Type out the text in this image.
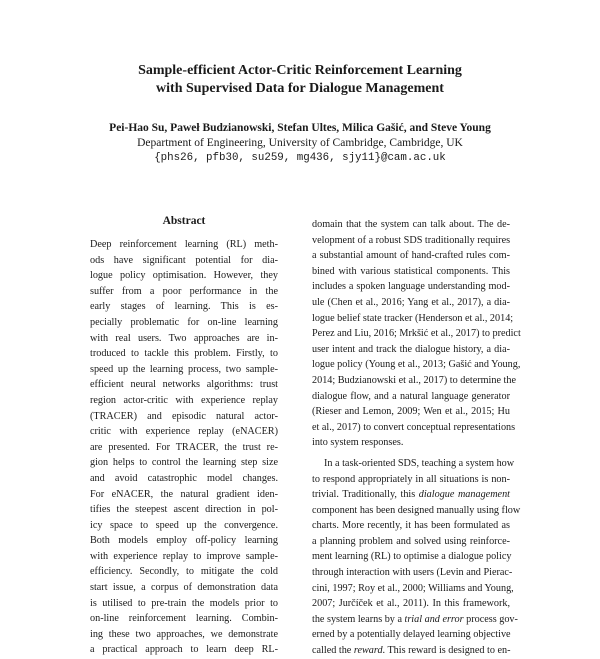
Sample-efficient Actor-Critic Reinforcement Learning
with Supervised Data for Dialogue Management
Pei-Hao Su, Paweł Budzianowski, Stefan Ultes, Milica Gašić, and Steve Young
Department of Engineering, University of Cambridge, Cambridge, UK
{phs26, pfb30, su259, mg436, sjy11}@cam.ac.uk
Abstract
Deep reinforcement learning (RL) meth-
ods have significant potential for dia-
logue policy optimisation. However, they
suffer from a poor performance in the
early stages of learning. This is es-
pecially problematic for on-line learning
with real users. Two approaches are in-
troduced to tackle this problem. Firstly, to
speed up the learning process, two sample-
efficient neural networks algorithms: trust
region actor-critic with experience replay
(TRACER) and episodic natural actor-
critic with experience replay (eNACER)
are presented. For TRACER, the trust re-
gion helps to control the learning step size
and avoid catastrophic model changes.
For eNACER, the natural gradient iden-
tifies the steepest ascent direction in pol-
icy space to speed up the convergence.
Both models employ off-policy learning
with experience replay to improve sample-
efficiency. Secondly, to mitigate the cold
start issue, a corpus of demonstration data
is utilised to pre-train the models prior to
on-line reinforcement learning. Combin-
ing these two approaches, we demonstrate
a practical approach to learn deep RL-
domain that the system can talk about. The de-
velopment of a robust SDS traditionally requires
a substantial amount of hand-crafted rules com-
bined with various statistical components. This
includes a spoken language understanding mod-
ule (Chen et al., 2016; Yang et al., 2017), a dia-
logue belief state tracker (Henderson et al., 2014;
Perez and Liu, 2016; Mrkšić et al., 2017) to predict
user intent and track the dialogue history, a dia-
logue policy (Young et al., 2013; Gašić and Young,
2014; Budzianowski et al., 2017) to determine the
dialogue flow, and a natural language generator
(Rieser and Lemon, 2009; Wen et al., 2015; Hu
et al., 2017) to convert conceptual representations
into system responses.
In a task-oriented SDS, teaching a system how
to respond appropriately in all situations is non-
trivial. Traditionally, this dialogue management
component has been designed manually using flow
charts. More recently, it has been formulated as
a planning problem and solved using reinforce-
ment learning (RL) to optimise a dialogue policy
through interaction with users (Levin and Pierac-
cini, 1997; Roy et al., 2000; Williams and Young,
2007; Jurčíček et al., 2011). In this framework,
the system learns by a trial and error process gov-
erned by a potentially delayed learning objective
called the reward. This reward is designed to en-
